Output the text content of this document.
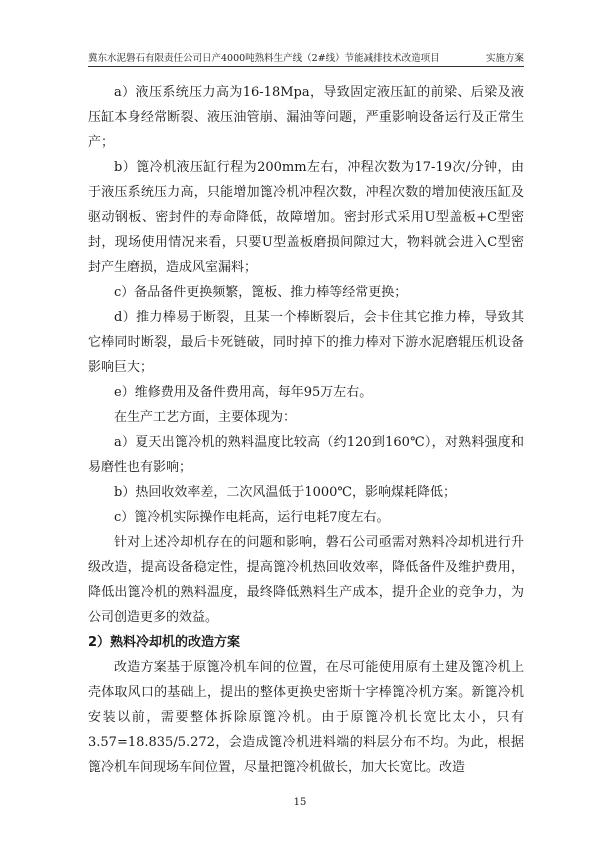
冀东水泥磐石有限责任公司日产4000吨熟料生产线（2#线）节能减排技术改造项目	实施方案

a）液压系统压力高为16-18Mpa，导致固定液压缸的前梁、后梁及液压缸本身经常断裂、液压油管崩、漏油等问题，严重影响设备运行及正常生产；

b）篦冷机液压缸行程为200mm左右，冲程次数为17-19次/分钟，由于液压系统压力高，只能增加篦冷机冲程次数，冲程次数的增加使液压缸及驱动钢板、密封件的寿命降低，故障增加。密封形式采用U型盖板+C型密封，现场使用情况来看，只要U型盖板磨损间隙过大，物料就会进入C型密封产生磨损，造成风室漏料；

c）备品备件更换频繁，篦板、推力棒等经常更换；

d）推力棒易于断裂，且某一个棒断裂后，会卡住其它推力棒，导致其它棒同时断裂，最后卡死链破，同时掉下的推力棒对下游水泥磨辊压机设备影响巨大；

e）维修费用及备件费用高，每年95万左右。

在生产工艺方面，主要体现为：

a）夏天出篦冷机的熟料温度比较高（约120到160℃），对熟料强度和易磨性也有影响；

b）热回收效率差，二次风温低于1000℃，影响煤耗降低；

c）篦冷机实际操作电耗高，运行电耗7度左右。

针对上述冷却机存在的问题和影响，磐石公司亟需对熟料冷却机进行升级改造，提高设备稳定性，提高篦冷机热回收效率，降低备件及维护费用，降低出篦冷机的熟料温度，最终降低熟料生产成本，提升企业的竞争力，为公司创造更多的效益。

2）熟料冷却机的改造方案

改造方案基于原篦冷机车间的位置，在尽可能使用原有土建及篦冷机上壳体取风口的基础上，提出的整体更换史密斯十字棒篦冷机方案。新篦冷机安装以前，需要整体拆除原篦冷机。由于原篦冷机长宽比太小，只有3.57=18.835/5.272，会造成篦冷机进料端的料层分布不均。为此，根据篦冷机车间现场车间位置，尽量把篦冷机做长，加大长宽比。改造

15
